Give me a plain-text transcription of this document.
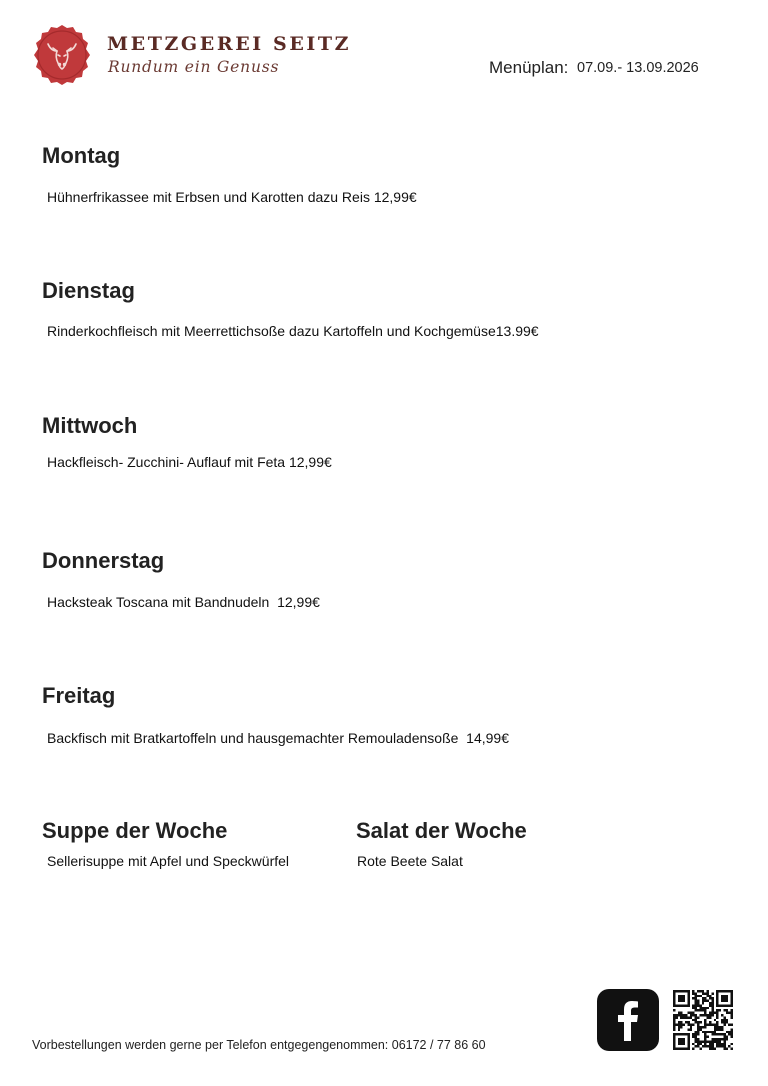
METZGEREI SEITZ
Rundum ein Genuss	Menüplan: 07.09.- 13.09.2026
Montag
Hühnerfrikassee mit Erbsen und Karotten dazu Reis 12,99€
Dienstag
Rinderkochfleisch mit Meerrettichsoße dazu Kartoffeln und Kochgemüse13.99€
Mittwoch
Hackfleisch- Zucchini- Auflauf mit Feta 12,99€
Donnerstag
Hacksteak Toscana mit Bandnudeln  12,99€
Freitag
Backfisch mit Bratkartoffeln und hausgemachter Remouladensoße  14,99€
Suppe der Woche
Sellerisuppe mit Apfel und Speckwürfel
Salat der Woche
Rote Beete Salat
Vorbestellungen werden gerne per Telefon entgegengenommen: 06172 / 77 86 60
